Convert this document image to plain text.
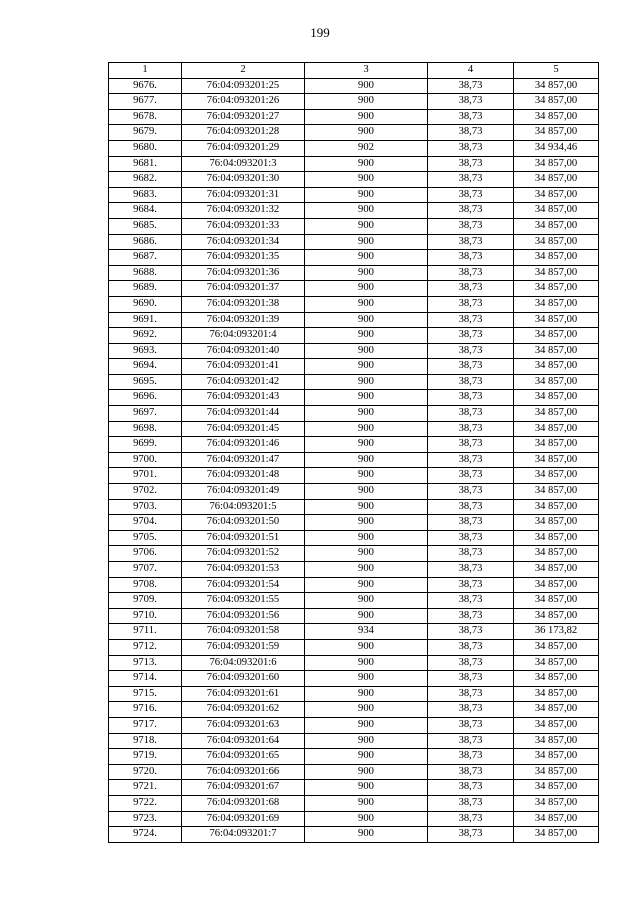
199
1	2	3	4	5
9676.	76:04:093201:25	900	38,73	34 857,00
9677.	76:04:093201:26	900	38,73	34 857,00
9678.	76:04:093201:27	900	38,73	34 857,00
9679.	76:04:093201:28	900	38,73	34 857,00
9680.	76:04:093201:29	902	38,73	34 934,46
9681.	76:04:093201:3	900	38,73	34 857,00
9682.	76:04:093201:30	900	38,73	34 857,00
9683.	76:04:093201:31	900	38,73	34 857,00
9684.	76:04:093201:32	900	38,73	34 857,00
9685.	76:04:093201:33	900	38,73	34 857,00
9686.	76:04:093201:34	900	38,73	34 857,00
9687.	76:04:093201:35	900	38,73	34 857,00
9688.	76:04:093201:36	900	38,73	34 857,00
9689.	76:04:093201:37	900	38,73	34 857,00
9690.	76:04:093201:38	900	38,73	34 857,00
9691.	76:04:093201:39	900	38,73	34 857,00
9692.	76:04:093201:4	900	38,73	34 857,00
9693.	76:04:093201:40	900	38,73	34 857,00
9694.	76:04:093201:41	900	38,73	34 857,00
9695.	76:04:093201:42	900	38,73	34 857,00
9696.	76:04:093201:43	900	38,73	34 857,00
9697.	76:04:093201:44	900	38,73	34 857,00
9698.	76:04:093201:45	900	38,73	34 857,00
9699.	76:04:093201:46	900	38,73	34 857,00
9700.	76:04:093201:47	900	38,73	34 857,00
9701.	76:04:093201:48	900	38,73	34 857,00
9702.	76:04:093201:49	900	38,73	34 857,00
9703.	76:04:093201:5	900	38,73	34 857,00
9704.	76:04:093201:50	900	38,73	34 857,00
9705.	76:04:093201:51	900	38,73	34 857,00
9706.	76:04:093201:52	900	38,73	34 857,00
9707.	76:04:093201:53	900	38,73	34 857,00
9708.	76:04:093201:54	900	38,73	34 857,00
9709.	76:04:093201:55	900	38,73	34 857,00
9710.	76:04:093201:56	900	38,73	34 857,00
9711.	76:04:093201:58	934	38,73	36 173,82
9712.	76:04:093201:59	900	38,73	34 857,00
9713.	76:04:093201:6	900	38,73	34 857,00
9714.	76:04:093201:60	900	38,73	34 857,00
9715.	76:04:093201:61	900	38,73	34 857,00
9716.	76:04:093201:62	900	38,73	34 857,00
9717.	76:04:093201:63	900	38,73	34 857,00
9718.	76:04:093201:64	900	38,73	34 857,00
9719.	76:04:093201:65	900	38,73	34 857,00
9720.	76:04:093201:66	900	38,73	34 857,00
9721.	76:04:093201:67	900	38,73	34 857,00
9722.	76:04:093201:68	900	38,73	34 857,00
9723.	76:04:093201:69	900	38,73	34 857,00
9724.	76:04:093201:7	900	38,73	34 857,00
